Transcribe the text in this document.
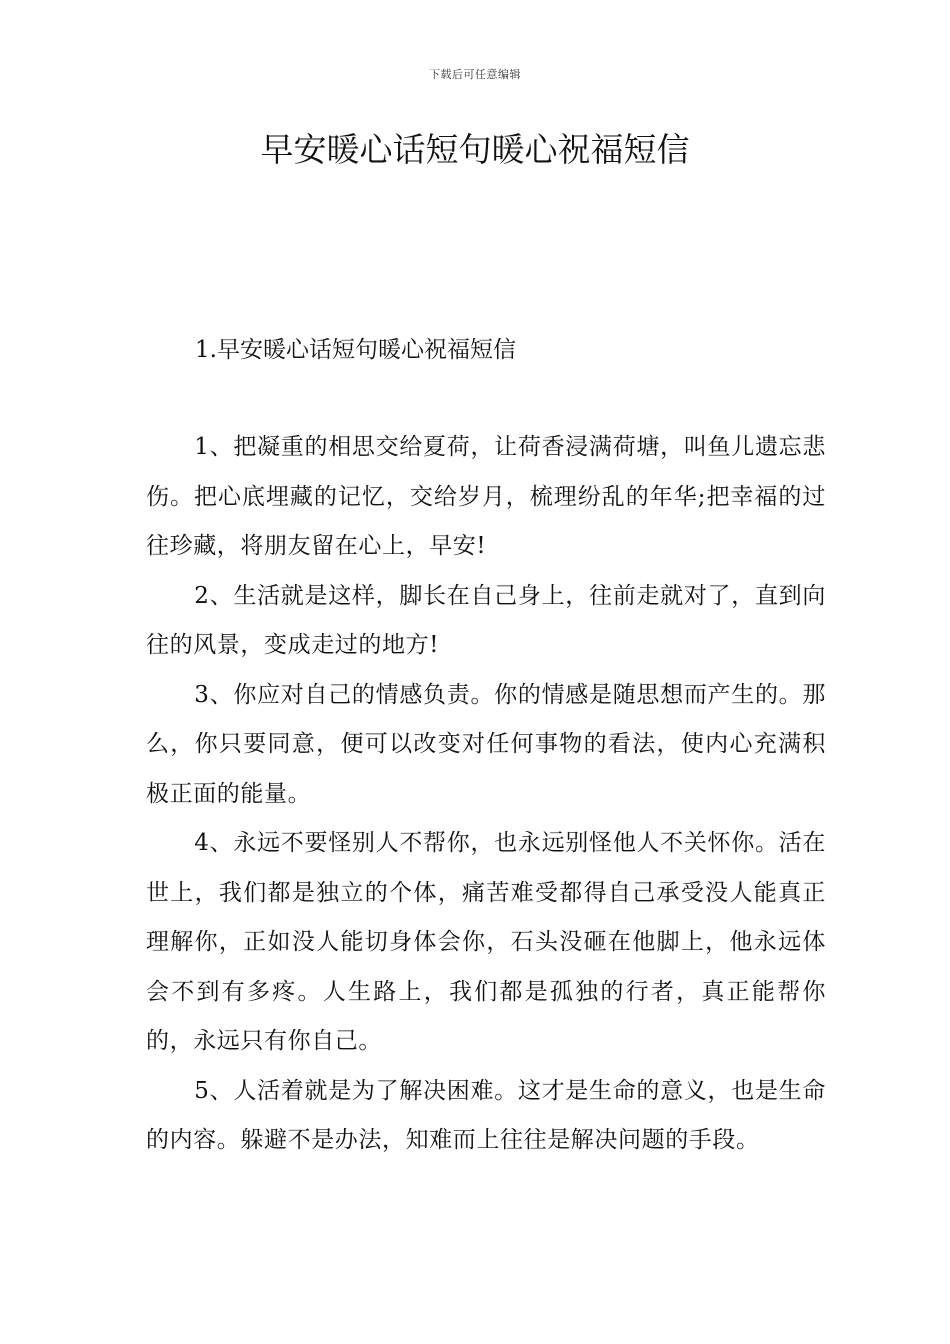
下载后可任意编辑
早安暖心话短句暖心祝福短信

1.早安暖心话短句暖心祝福短信

1、把凝重的相思交给夏荷，让荷香浸满荷塘，叫鱼儿遗忘悲伤。把心底埋藏的记忆，交给岁月，梳理纷乱的年华;把幸福的过往珍藏，将朋友留在心上，早安!

2、生活就是这样，脚长在自己身上，往前走就对了，直到向往的风景，变成走过的地方!

3、你应对自己的情感负责。你的情感是随思想而产生的。那么，你只要同意，便可以改变对任何事物的看法，使内心充满积极正面的能量。

4、永远不要怪别人不帮你，也永远别怪他人不关怀你。活在世上，我们都是独立的个体，痛苦难受都得自己承受没人能真正理解你，正如没人能切身体会你，石头没砸在他脚上，他永远体会不到有多疼。人生路上，我们都是孤独的行者，真正能帮你的，永远只有你自己。

5、人活着就是为了解决困难。这才是生命的意义，也是生命的内容。躲避不是办法，知难而上往往是解决问题的手段。
